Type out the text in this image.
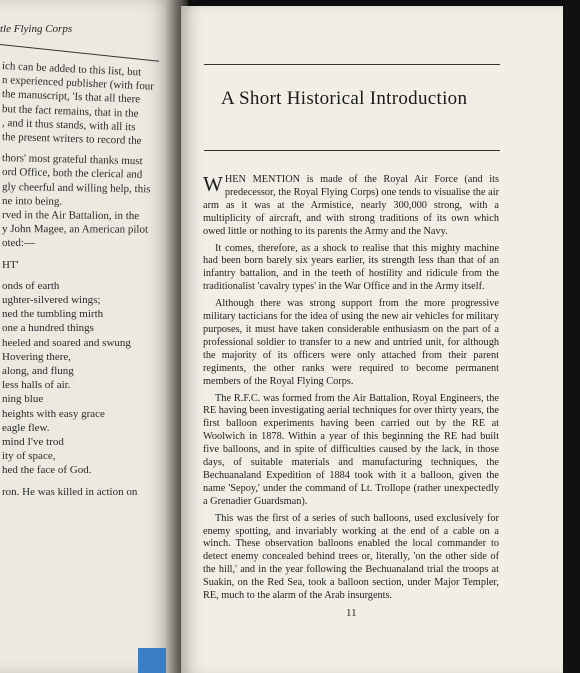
tle Flying Corps
ich can be added to this list, but
n experienced publisher (with four
the manuscript, 'Is that all there
but the fact remains, that in the
, and it thus stands, with all its
the present writers to record the
thors' most grateful thanks must
ord Office, both the clerical and
gly cheerful and willing help, this
ne into being.
rved in the Air Battalion, in the
y John Magee, an American pilot
oted:—
HT'
onds of earth
ughter-silvered wings;
ned the tumbling mirth
one a hundred things
heeled and soared and swung
Hovering there,
along, and flung
less halls of air.
ning blue
heights with easy grace
eagle flew.
mind I've trod
ity of space,
hed the face of God.
ron. He was killed in action on
A Short Historical Introduction

WHEN MENTION is made of the Royal Air Force (and its predecessor, the Royal Flying Corps) one tends to visualise the air arm as it was at the Armistice, nearly 300,000 strong, with a multiplicity of aircraft, and with strong traditions of its own which owed little or nothing to its parents the Army and the Navy.

It comes, therefore, as a shock to realise that this mighty machine had been born barely six years earlier, its strength less than that of an infantry battalion, and in the teeth of hostility and ridicule from the traditionalist 'cavalry types' in the War Office and in the Army itself.

Although there was strong support from the more progressive military tacticians for the idea of using the new air vehicles for military purposes, it must have taken considerable enthusiasm on the part of a professional soldier to transfer to a new and untried unit, for although the majority of its officers were only attached from their parent regiments, the other ranks were required to become permanent members of the Royal Flying Corps.

The R.F.C. was formed from the Air Battalion, Royal Engineers, the RE having been investigating aerial techniques for over thirty years, the first balloon experiments having been carried out by the RE at Woolwich in 1878. Within a year of this beginning the RE had built five balloons, and in spite of difficulties caused by the lack, in those days, of suitable materials and manufacturing techniques, the Bechuanaland Expedition of 1884 took with it a balloon, given the name 'Sepoy,' under the command of Lt. Trollope (rather unexpectedly a Grenadier Guardsman).

This was the first of a series of such balloons, used exclusively for enemy spotting, and invariably working at the end of a cable on a winch. These observation balloons enabled the local commander to detect enemy concealed behind trees or, literally, 'on the other side of the hill,' and in the year following the Bechuanaland trial the troops at Suakin, on the Red Sea, took a balloon section, under Major Templer, RE, much to the alarm of the Arab insurgents.

11
